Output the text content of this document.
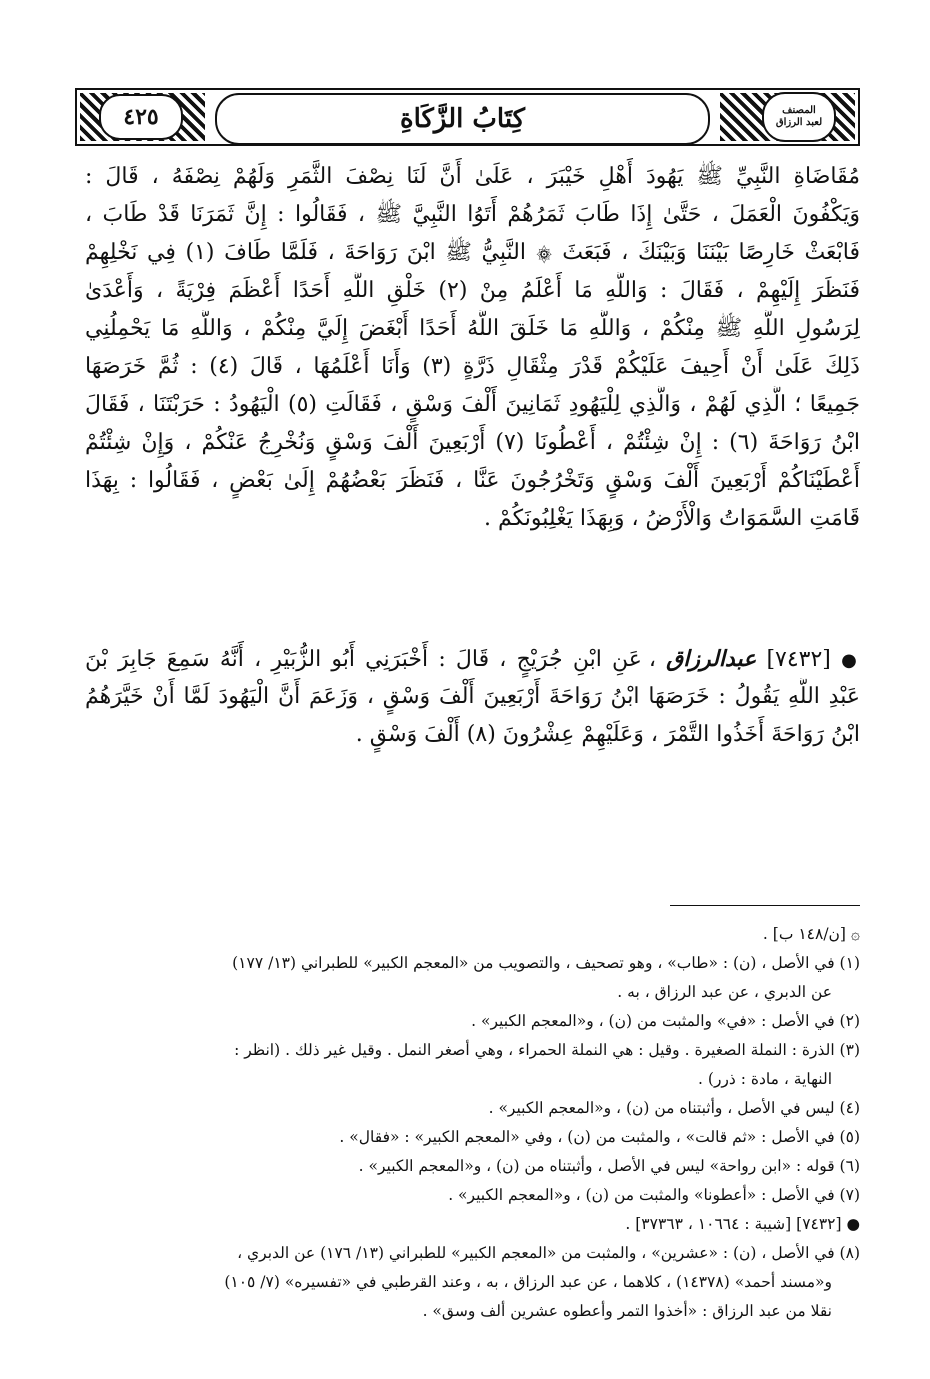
٤٢٥	كِتَابُ الزَّكَاةِ	المصنف
لعبد الرزاق
مُقَاضَاةِ النَّبِيِّ ﷺ يَهُودَ أَهْلِ خَيْبَرَ ، عَلَىٰ أَنَّ لَنَا نِصْفَ الثَّمَرِ وَلَهُمْ نِصْفَهُ ، قَالَ :
وَيَكْفُونَ الْعَمَلَ ، حَتَّىٰ إِذَا طَابَ ثَمَرُهُمْ أَتَوُا النَّبِيَّ ﷺ ، فَقَالُوا : إِنَّ ثَمَرَنَا قَدْ طَابَ ،
فَابْعَثْ خَارِصًا بَيْنَنَا وَبَيْنَكَ ، فَبَعَثَ ۞ النَّبِيُّ ﷺ ابْنَ رَوَاحَةَ ، فَلَمَّا طَافَ (١) فِي نَخْلِهِمْ
فَنَظَرَ إِلَيْهِمْ ، فَقَالَ : وَاللَّهِ مَا أَعْلَمُ مِنْ (٢) خَلْقِ اللَّهِ أَحَدًا أَعْظَمَ فِرْيَةً ، وَأَعْدَىٰ
لِرَسُولِ اللَّهِ ﷺ مِنْكُمْ ، وَاللَّهِ مَا خَلَقَ اللَّهُ أَحَدًا أَبْغَضَ إِلَيَّ مِنْكُمْ ، وَاللَّهِ مَا يَحْمِلُنِي
ذَلِكَ عَلَىٰ أَنْ أَحِيفَ عَلَيْكُمْ قَدْرَ مِثْقَالِ ذَرَّةٍ (٣) وَأَنَا أَعْلَمُهَا ، قَالَ (٤) : ثُمَّ خَرَصَهَا
جَمِيعًا ؛ الَّذِي لَهُمْ ، وَالَّذِي لِلْيَهُودِ ثَمَانِينَ أَلْفَ وَسْقٍ ، فَقَالَتِ (٥) الْيَهُودُ : حَرَبْتَنَا ، فَقَالَ
ابْنُ رَوَاحَةَ (٦) : إِنْ شِئْتُمْ ، أَعْطُونَا (٧) أَرْبَعِينَ أَلْفَ وَسْقٍ وَنُخْرِجُ عَنْكُمْ ، وَإِنْ شِئْتُمْ
أَعْطَيْنَاكُمْ أَرْبَعِينَ أَلْفَ وَسْقٍ وَتَخْرُجُونَ عَنَّا ، فَنَظَرَ بَعْضُهُمْ إِلَىٰ بَعْضٍ ، فَقَالُوا : بِهَذَا
قَامَتِ السَّمَوَاتُ وَالْأَرْضُ ، وَبِهَذَا يَغْلِبُونَكُمْ .
● [٧٤٣٢] عبدالرزاق ، عَنِ ابْنِ جُرَيْجٍ ، قَالَ : أَخْبَرَنِي أَبُو الزُّبَيْرِ ، أَنَّهُ سَمِعَ جَابِرَ بْنَ
عَبْدِ اللَّهِ يَقُولُ : خَرَصَهَا ابْنُ رَوَاحَةَ أَرْبَعِينَ أَلْفَ وَسْقٍ ، وَزَعَمَ أَنَّ الْيَهُودَ لَمَّا أَنْ خَيَّرَهُمُ
ابْنُ رَوَاحَةَ أَخَذُوا التَّمْرَ ، وَعَلَيْهِمْ عِشْرُونَ (٨) أَلْفَ وَسْقٍ .
۞ [ن/١٤٨ ب] .
(١) في الأصل ، (ن) : «طاب» ، وهو تصحيف ، والتصويب من «المعجم الكبير» للطبراني (١٣/ ١٧٧)
عن الدبري ، عن عبد الرزاق ، به .
(٢) في الأصل : «في» والمثبت من (ن) ، و«المعجم الكبير» .
(٣) الذرة : النملة الصغيرة . وقيل : هي النملة الحمراء ، وهي أصغر النمل . وقيل غير ذلك . (انظر :
النهاية ، مادة : ذرر) .
(٤) ليس في الأصل ، وأثبتناه من (ن) ، و«المعجم الكبير» .
(٥) في الأصل : «ثم قالت» ، والمثبت من (ن) ، وفي «المعجم الكبير» : «فقال» .
(٦) قوله : «ابن رواحة» ليس في الأصل ، وأثبتناه من (ن) ، و«المعجم الكبير» .
(٧) في الأصل : «أعطونا» والمثبت من (ن) ، و«المعجم الكبير» .
● [٧٤٣٢] [شيبة : ١٠٦٦٤ ، ٣٧٣٦٣] .
(٨) في الأصل ، (ن) : «عشرين» ، والمثبت من «المعجم الكبير» للطبراني (١٣/ ١٧٦) عن الدبري ،
و«مسند أحمد» (١٤٣٧٨) ، كلاهما ، عن عبد الرزاق ، به ، وعند القرطبي في «تفسيره» (٧/ ١٠٥)
نقلا من عبد الرزاق : «أخذوا التمر وأعطوه عشرين ألف وسق» .
